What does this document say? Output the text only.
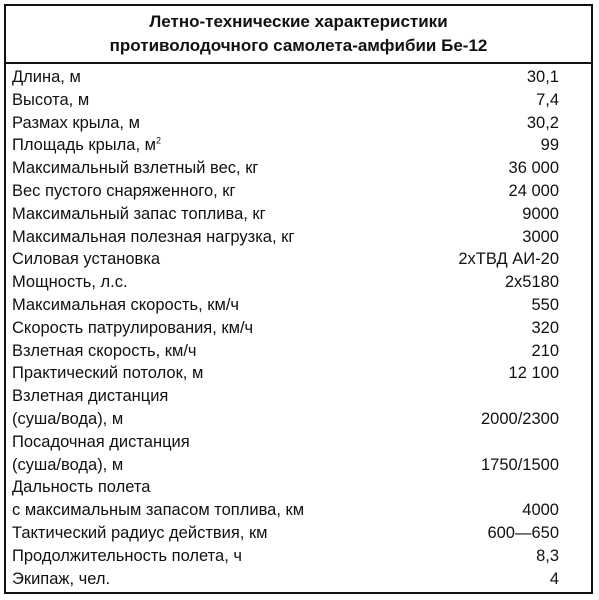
Летно-технические характеристики
противолодочного самолета-амфибии Бе-12
Длина, м	30,1
Высота, м	7,4
Размах крыла, м	30,2
Площадь крыла, $м^2$	99
Максимальный взлетный вес, кг	36 000
Вес пустого снаряженного, кг	24 000
Максимальный запас топлива, кг	9000
Максимальная полезная нагрузка, кг	3000
Силовая установка	2хТВД АИ-20
Мощность, л.с.	2х5180
Максимальная скорость, км/ч	550
Скорость патрулирования, км/ч	320
Взлетная скорость, км/ч	210
Практический потолок, м	12 100
Взлетная дистанция
(суша/вода), м	2000/2300
Посадочная дистанция
(суша/вода), м	1750/1500
Дальность полета
с максимальным запасом топлива, км	4000
Тактический радиус действия, км	600—650
Продолжительность полета, ч	8,3
Экипаж, чел.	4
